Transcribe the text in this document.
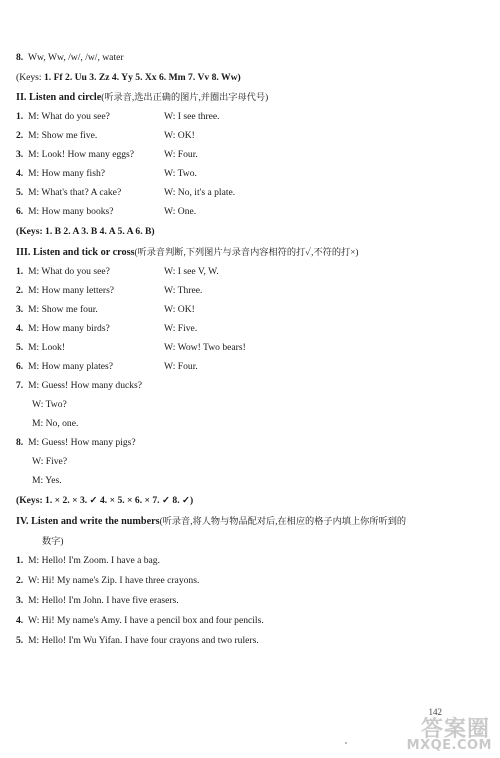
8. Ww, Ww, /w/, /w/, water
(Keys: 1. Ff 2. Uu 3. Zz 4. Yy 5. Xx 6. Mm 7. Vv 8. Ww)
II. Listen and circle(听录音,选出正确的图片,并圈出字母代号)
1. M: What do you see?	W: I see three.
2. M: Show me five.	W: OK!
3. M: Look! How many eggs?	W: Four.
4. M: How many fish?	W: Two.
5. M: What's that? A cake?	W: No, it's a plate.
6. M: How many books?	W: One.
(Keys: 1. B 2. A 3. B 4. A 5. A 6. B)
III. Listen and tick or cross(听录音判断,下列图片与录音内容相符的打✓,不符的打×)
1. M: What do you see?	W: I see V, W.
2. M: How many letters?	W: Three.
3. M: Show me four.	W: OK!
4. M: How many birds?	W: Five.
5. M: Look!	W: Wow! Two bears!
6. M: How many plates?	W: Four.
7. M: Guess! How many ducks?
W: Two?
M: No, one.
8. M: Guess! How many pigs?
W: Five?
M: Yes.
(Keys: 1. × 2. × 3. ✓ 4. × 5. × 6. × 7. ✓ 8. ✓)
IV. Listen and write the numbers(听录音,将人物与物品配对后,在相应的格子内填上你所听到的
数字)
1. M: Hello! I'm Zoom. I have a bag.
2. W: Hi! My name's Zip. I have three crayons.
3. M: Hello! I'm John. I have five erasers.
4. W: Hi! My name's Amy. I have a pencil box and four pencils.
5. M: Hello! I'm Wu Yifan. I have four crayons and two rulers.
142
答案圈
MXQE.COM
